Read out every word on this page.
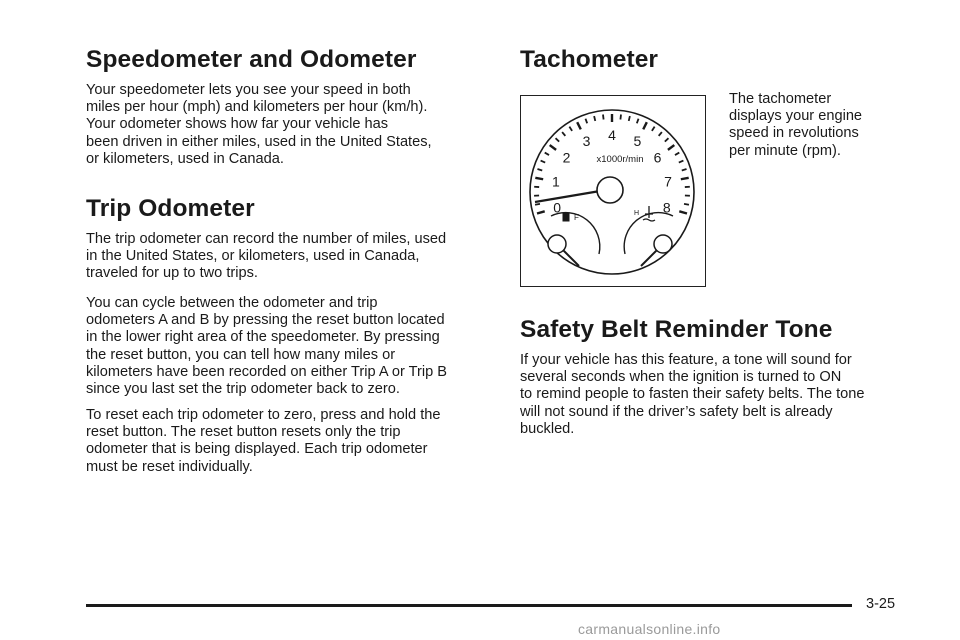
Speedometer and Odometer

Your speedometer lets you see your speed in both
miles per hour (mph) and kilometers per hour (km/h).
Your odometer shows how far your vehicle has
been driven in either miles, used in the United States,
or kilometers, used in Canada.

Trip Odometer

The trip odometer can record the number of miles, used
in the United States, or kilometers, used in Canada,
traveled for up to two trips.

You can cycle between the odometer and trip
odometers A and B by pressing the reset button located
in the lower right area of the speedometer. By pressing
the reset button, you can tell how many miles or
kilometers have been recorded on either Trip A or Trip B
since you last set the trip odometer back to zero.

To reset each trip odometer to zero, press and hold the
reset button. The reset button resets only the trip
odometer that is being displayed. Each trip odometer
must be reset individually.

Tachometer
0
1
2
3 4 5
6
7
8
x1000r/min
F	H

The tachometer
displays your engine
speed in revolutions
per minute (rpm).

Safety Belt Reminder Tone

If your vehicle has this feature, a tone will sound for
several seconds when the ignition is turned to ON
to remind people to fasten their safety belts. The tone
will not sound if the driver’s safety belt is already
buckled.

3-25
carmanualsonline.info
